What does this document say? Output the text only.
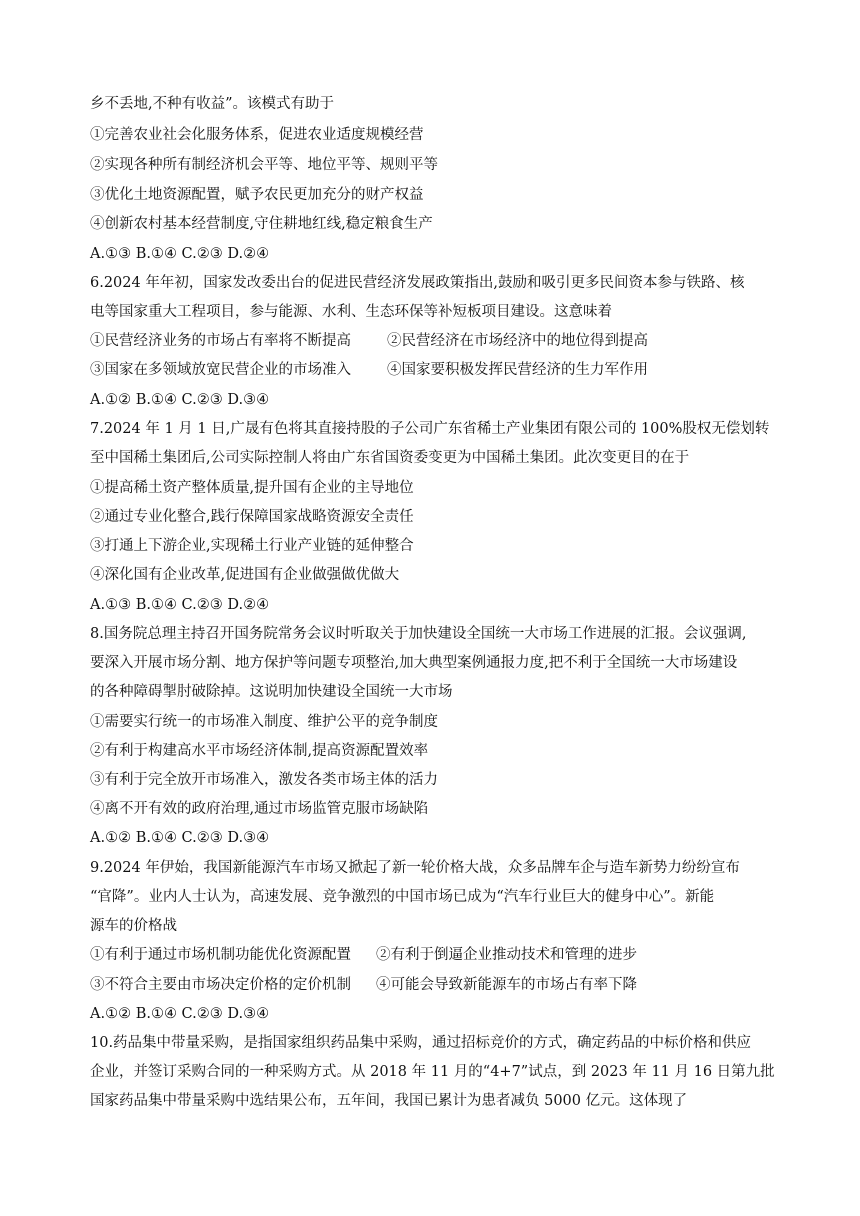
乡不丢地,不种有收益”。该模式有助于
①完善农业社会化服务体系，促进农业适度规模经营
②实现各种所有制经济机会平等、地位平等、规则平等
③优化土地资源配置，赋予农民更加充分的财产权益
④创新农村基本经营制度,守住耕地红线,稳定粮食生产
A.①③ B.①④ C.②③ D.②④
6.2024 年年初，国家发改委出台的促进民营经济发展政策指出,鼓励和吸引更多民间资本参与铁路、核
电等国家重大工程项目，参与能源、水利、生态环保等补短板项目建设。这意味着
①民营经济业务的市场占有率将不断提高 ②民营经济在市场经济中的地位得到提高
③国家在多领域放宽民营企业的市场准入 ④国家要积极发挥民营经济的生力军作用
A.①② B.①④ C.②③ D.③④
7.2024 年 1 月 1 日,广晟有色将其直接持股的子公司广东省稀土产业集团有限公司的 100%股权无偿划转
至中国稀土集团后,公司实际控制人将由广东省国资委变更为中国稀土集团。此次变更目的在于
①提高稀土资产整体质量,提升国有企业的主导地位
②通过专业化整合,践行保障国家战略资源安全责任
③打通上下游企业,实现稀土行业产业链的延伸整合
④深化国有企业改革,促进国有企业做强做优做大
A.①③ B.①④ C.②③ D.②④
8.国务院总理主持召开国务院常务会议时听取关于加快建设全国统一大市场工作进展的汇报。会议强调,
要深入开展市场分割、地方保护等问题专项整治,加大典型案例通报力度,把不利于全国统一大市场建设
的各种障碍掣肘破除掉。这说明加快建设全国统一大市场
①需要实行统一的市场准入制度、维护公平的竞争制度
②有利于构建高水平市场经济体制,提高资源配置效率
③有利于完全放开市场准入，激发各类市场主体的活力
④离不开有效的政府治理,通过市场监管克服市场缺陷
A.①② B.①④ C.②③ D.③④
9.2024 年伊始，我国新能源汽车市场又掀起了新一轮价格大战，众多品牌车企与造车新势力纷纷宣布
“官降”。业内人士认为，高速发展、竞争激烈的中国市场已成为“汽车行业巨大的健身中心”。新能
源车的价格战
①有利于通过市场机制功能优化资源配置 ②有利于倒逼企业推动技术和管理的进步
③不符合主要由市场决定价格的定价机制 ④可能会导致新能源车的市场占有率下降
A.①② B.①④ C.②③ D.③④
10.药品集中带量采购，是指国家组织药品集中采购，通过招标竞价的方式，确定药品的中标价格和供应
企业，并签订采购合同的一种采购方式。从 2018 年 11 月的“4+7”试点，到 2023 年 11 月 16 日第九批
国家药品集中带量采购中选结果公布，五年间，我国已累计为患者减负 5000 亿元。这体现了
